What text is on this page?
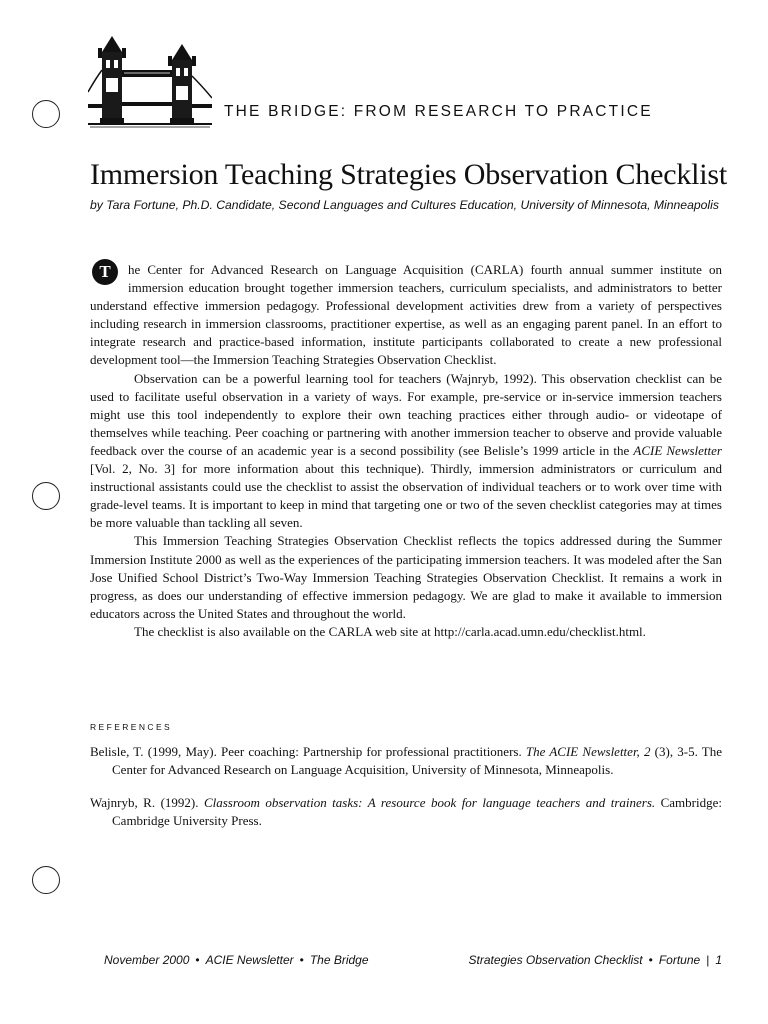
THE BRIDGE: FROM RESEARCH TO PRACTICE
Immersion Teaching Strategies Observation Checklist
by Tara Fortune, Ph.D. Candidate, Second Languages and Cultures Education, University of Minnesota, Minneapolis

T	he Center for Advanced Research on Language Acquisition (CARLA) fourth annual summer institute on immersion education brought together immersion teachers, curriculum specialists, and administrators to better understand effective immersion pedagogy. Professional development activities drew from a variety of perspectives including research in immersion classrooms, practitioner expertise, as well as an engaging parent panel. In an effort to integrate research and practice-based information, institute participants collaborated to create a new professional development tool—the Immersion Teaching Strategies Observation Checklist.

Observation can be a powerful learning tool for teachers (Wajnryb, 1992). This observation checklist can be used to facilitate useful observation in a variety of ways. For example, pre-service or in-service immersion teachers might use this tool independently to explore their own teaching practices either through audio- or videotape of themselves while teaching. Peer coaching or partnering with another immersion teacher to observe and provide valuable feedback over the course of an academic year is a second possibility (see Belisle’s 1999 article in the ACIE Newsletter [Vol. 2, No. 3] for more information about this technique). Thirdly, immersion administrators or curriculum and instructional assistants could use the checklist to assist the observation of individual teachers or to work over time with grade-level teams. It is important to keep in mind that targeting one or two of the seven checklist categories may at times be more valuable than tackling all seven.

This Immersion Teaching Strategies Observation Checklist reflects the topics addressed during the Summer Immersion Institute 2000 as well as the experiences of the participating immersion teachers. It was modeled after the San Jose Unified School District’s Two-Way Immersion Teaching Strategies Observation Checklist. It remains a work in progress, as does our understanding of effective immersion pedagogy. We are glad to make it available to immersion educators across the United States and throughout the world.

The checklist is also available on the CARLA web site at http://carla.acad.umn.edu/checklist.html.

REFERENCES

Belisle, T. (1999, May). Peer coaching: Partnership for professional practitioners. The ACIE Newsletter, 2 (3), 3-5. The Center for Advanced Research on Language Acquisition, University of Minnesota, Minneapolis.

Wajnryb, R. (1992). Classroom observation tasks: A resource book for language teachers and trainers. Cambridge: Cambridge University Press.

November 2000 • ACIE Newsletter • The Bridge	Strategies Observation Checklist • Fortune | 1
